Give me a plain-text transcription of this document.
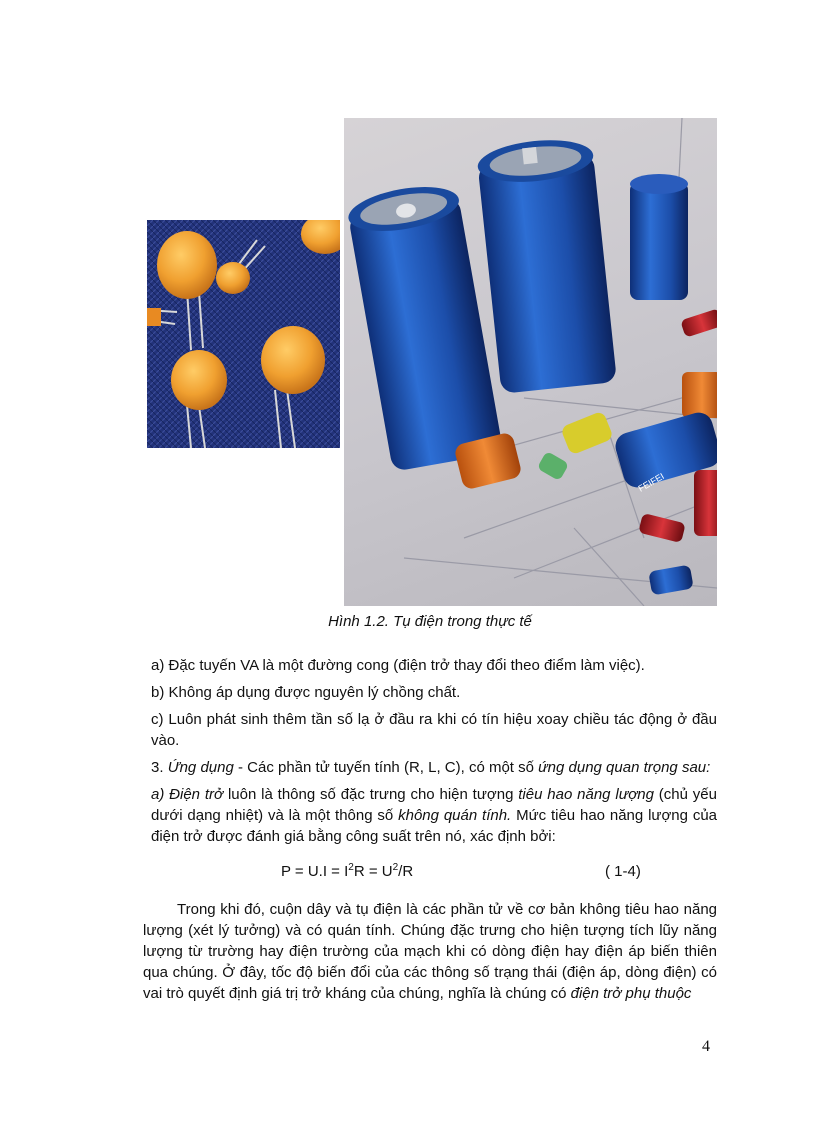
FEIFEI
Hình 1.2. Tụ điện trong thực tế

a) Đặc tuyến VA là một đường cong (điện trở thay đổi theo điểm làm việc).

b) Không áp dụng được nguyên lý chồng chất.

c) Luôn phát sinh thêm tần số lạ ở đầu ra khi có tín hiệu xoay chiều tác động ở đầu vào.

3. Ứng dụng - Các phần tử tuyến tính (R, L, C), có một số ứng dụng quan trọng sau:

a) Điện trở luôn là thông số đặc trưng cho hiện tượng tiêu hao năng lượng (chủ yếu dưới dạng nhiệt) và là một thông số không quán tính. Mức tiêu hao năng lượng của điện trở được đánh giá bằng công suất trên nó, xác định bởi:

$P = U.I = I^2R = U^2/R$	( 1-4)

Trong khi đó, cuộn dây và tụ điện là các phần tử về cơ bản không tiêu hao năng lượng (xét lý tưởng) và có quán tính. Chúng đặc trưng cho hiện tượng tích lũy năng lượng từ trường hay điện trường của mạch khi có dòng điện hay điện áp biến thiên qua chúng. Ở đây, tốc độ biến đổi của các thông số trạng thái (điện áp, dòng điện) có vai trò quyết định giá trị trở kháng của chúng, nghĩa là chúng có điện trở phụ thuộc

4
